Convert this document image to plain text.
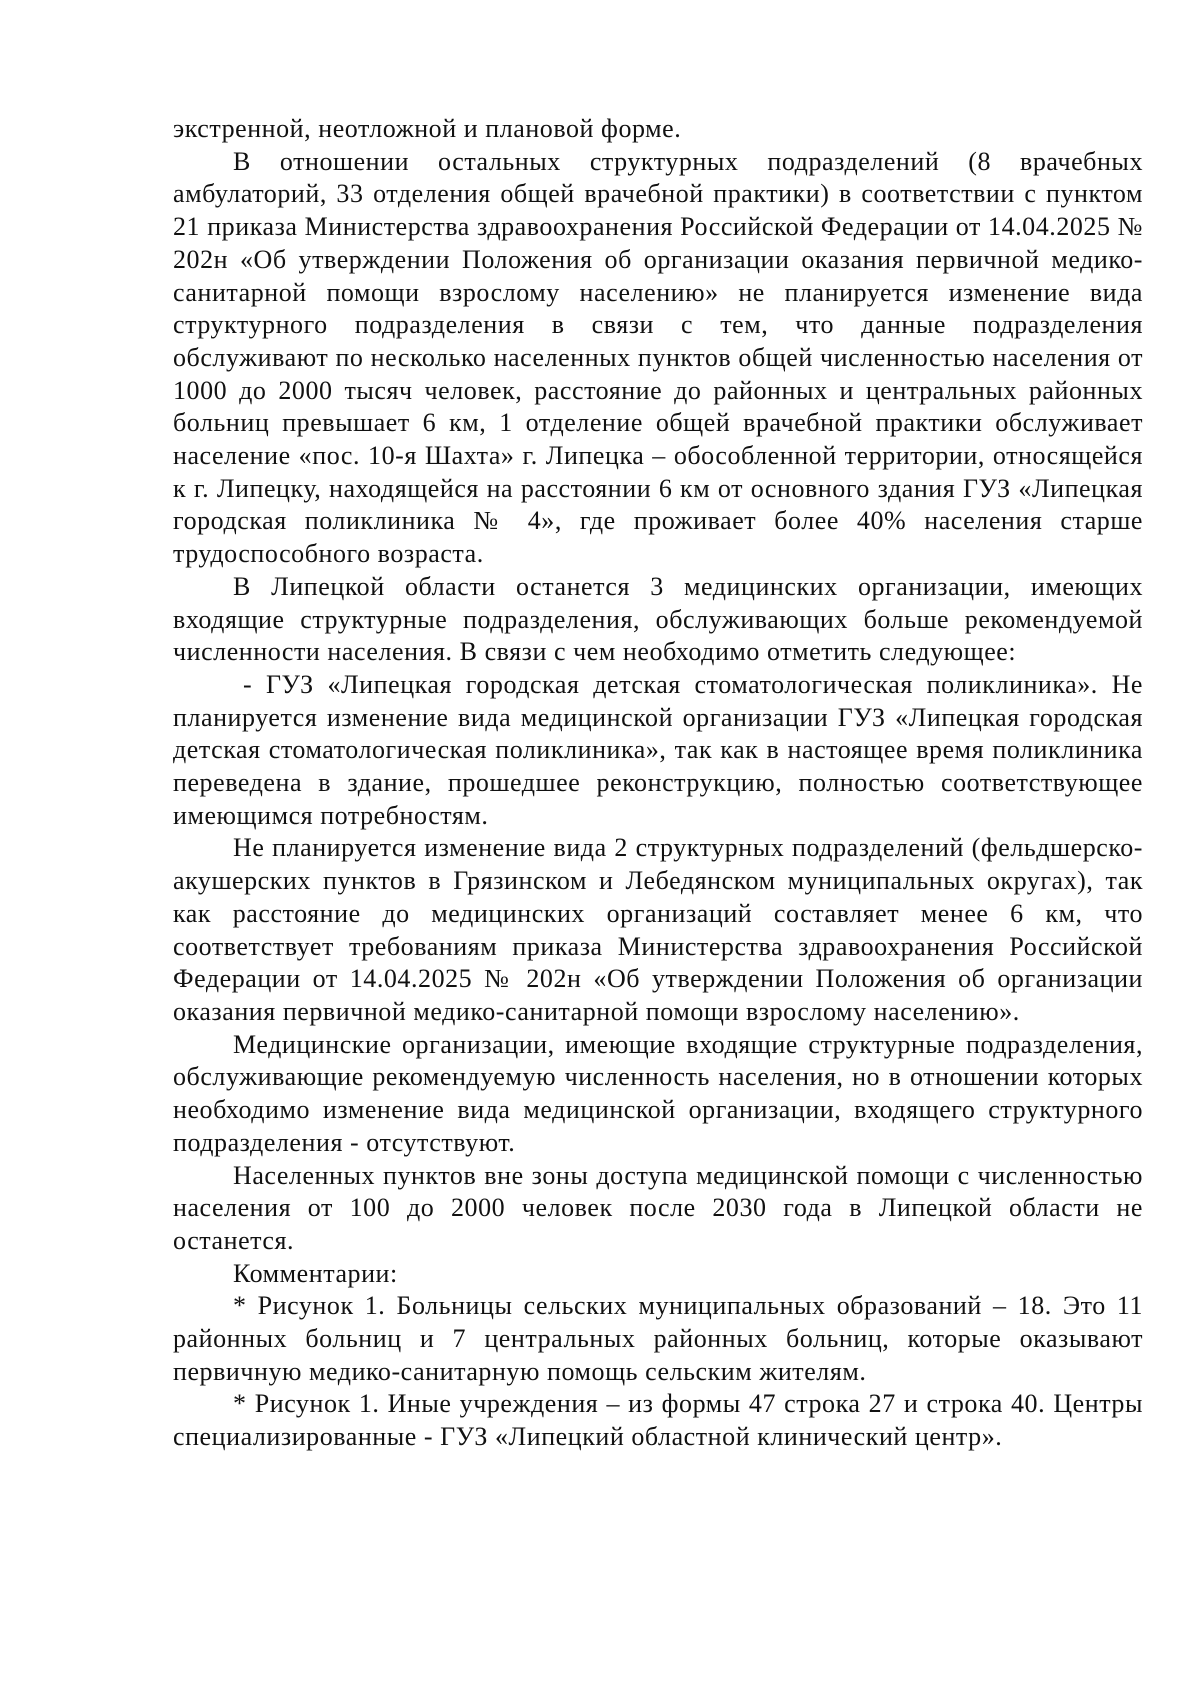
экстренной, неотложной и плановой форме.

В отношении остальных структурных подразделений (8 врачебных амбулаторий, 33 отделения общей врачебной практики) в соответствии с пунктом 21 приказа Министерства здравоохранения Российской Федерации от 14.04.2025 № 202н «Об утверждении Положения об организации оказания первичной медико-санитарной помощи взрослому населению» не планируется изменение вида структурного подразделения в связи с тем, что данные подразделения обслуживают по несколько населенных пунктов общей численностью населения от 1000 до 2000 тысяч человек, расстояние до районных и центральных районных больниц превышает 6 км, 1 отделение общей врачебной практики обслуживает население «пос. 10-я Шахта» г. Липецка – обособленной территории, относящейся к г. Липецку, находящейся на расстоянии 6 км от основного здания ГУЗ «Липецкая городская поликлиника № 4», где проживает более 40% населения старше трудоспособного возраста.

В Липецкой области останется 3 медицинских организации, имеющих входящие структурные подразделения, обслуживающих больше рекомендуемой численности населения. В связи с чем необходимо отметить следующее:

- ГУЗ «Липецкая городская детская стоматологическая поликлиника». Не планируется изменение вида медицинской организации ГУЗ «Липецкая городская детская стоматологическая поликлиника», так как в настоящее время поликлиника переведена в здание, прошедшее реконструкцию, полностью соответствующее имеющимся потребностям.

Не планируется изменение вида 2 структурных подразделений (фельдшерско-акушерских пунктов в Грязинском и Лебедянском муниципальных округах), так как расстояние до медицинских организаций составляет менее 6 км, что соответствует требованиям приказа Министерства здравоохранения Российской Федерации от 14.04.2025 № 202н «Об утверждении Положения об организации оказания первичной медико-санитарной помощи взрослому населению».

Медицинские организации, имеющие входящие структурные подразделения, обслуживающие рекомендуемую численность населения, но в отношении которых необходимо изменение вида медицинской организации, входящего структурного подразделения - отсутствуют.

Населенных пунктов вне зоны доступа медицинской помощи с численностью населения от 100 до 2000 человек после 2030 года в Липецкой области не останется.

Комментарии:

* Рисунок 1. Больницы сельских муниципальных образований – 18. Это 11 районных больниц и 7 центральных районных больниц, которые оказывают первичную медико-санитарную помощь сельским жителям.

* Рисунок 1. Иные учреждения – из формы 47 строка 27 и строка 40. Центры специализированные - ГУЗ «Липецкий областной клинический центр».
